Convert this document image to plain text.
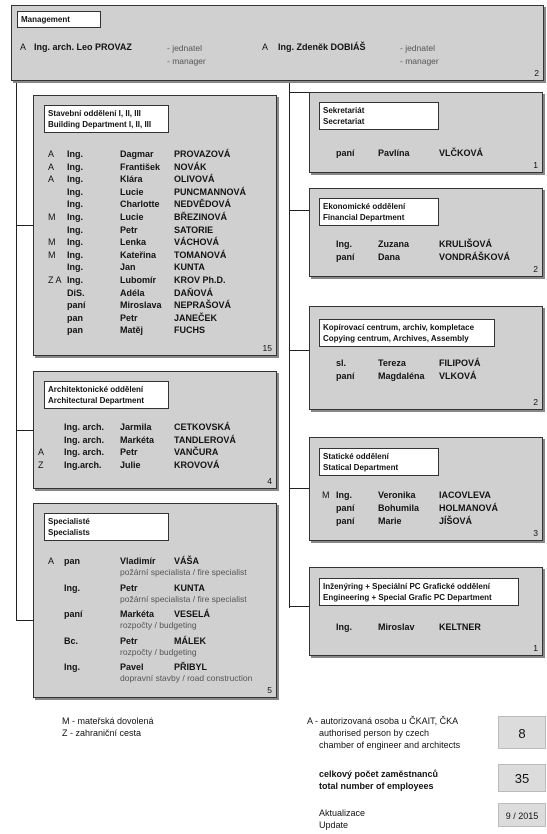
Management
A Ing. arch. Leo PROVAZ	- jednatel
- manager
A Ing. Zdeněk DOBIÁŠ	- jednatel
- manager
2
Stavební oddělení I, II, III
Building Department I, II, III
A Ing.	Dagmar PROVAZOVÁ
A Ing.	František NOVÁK
A Ing.	Klára	OLIVOVÁ
Ing.	Lucie	PUNCMANNOVÁ
Ing.	Charlotte NEDVĚDOVÁ
M Ing.	Lucie	BŘEZINOVÁ
Ing.	Petr	SATORIE
M Ing.	Lenka	VÁCHOVÁ
M Ing.	Kateřina TOMANOVÁ
Ing.	Jan	KUNTA
Z A Ing.	Lubomír KROV Ph.D.
DiS.	Adéla	DAŇOVÁ
paní	Miroslava NEPRAŠOVÁ
pan	Petr	JANEČEK
pan	Matěj	FUCHS
15
Architektonické oddělení
Architectural Department
Ing. arch. Jarmila CETKOVSKÁ
Ing. arch. Markéta TANDLEROVÁ
A Ing. arch. Petr	VANČURA
Z Ing.arch. Julie	KROVOVÁ
4
Specialisté
Specialists
A pan	Vladimír VÁŠA
požární specialista / fire specialist
Ing.	Petr	KUNTA
požární specialista / fire specialist
paní	Markéta VESELÁ
rozpočty / budgeting
Bc.	Petr	MÁLEK
rozpočty / budgeting
Ing.	Pavel	PŘIBYL
dopravní stavby / road construction
5
Sekretariát
Secretariat
paní	Pavlína	VLČKOVÁ
1
Ekonomické oddělení
Financial Department
Ing.	Zuzana	KRULIŠOVÁ
paní	Dana	VONDRÁŠKOVÁ
2
Kopírovací centrum, archiv, kompletace
Copying centrum, Archives, Assembly
sl.	Tereza	FILIPOVÁ
paní	Magdaléna VLKOVÁ
2
Statické oddělení
Statical Department
M Ing.	Veronika	IACOVLEVA
paní	Bohumila HOLMANOVÁ
paní	Marie	JÍŠOVÁ
3
Inženýring + Speciální PC Grafické oddělení
Engineering + Special Grafic PC Department
Ing.	Miroslav	KELTNER
1
M - mateřská dovolená
Z - zahraniční cesta
A - autorizovaná osoba u ČKAIT, ČKA
authorised person by czech
chamber of engineer and architects
8
celkový počet zaměstnanců
total number of employees	35
Aktualizace
Update
9 / 2015
